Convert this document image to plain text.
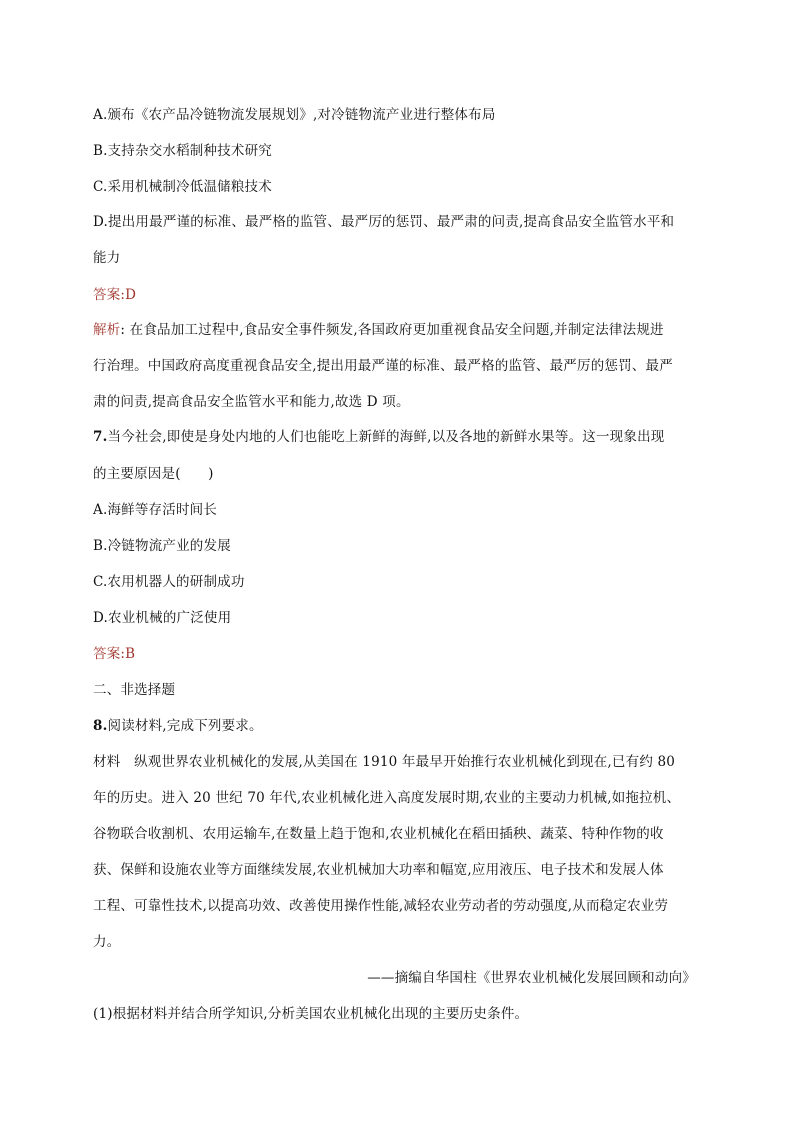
A.颁布《农产品冷链物流发展规划》,对冷链物流产业进行整体布局
B.支持杂交水稻制种技术研究
C.采用机械制冷低温储粮技术
D.提出用最严谨的标准、最严格的监管、最严厉的惩罚、最严肃的问责,提高食品安全监管水平和
能力
答案:D
解析: 在食品加工过程中,食品安全事件频发,各国政府更加重视食品安全问题,并制定法律法规进
行治理。中国政府高度重视食品安全,提出用最严谨的标准、最严格的监管、最严厉的惩罚、最严
肃的问责,提高食品安全监管水平和能力,故选 D 项。
7.当今社会,即使是身处内地的人们也能吃上新鲜的海鲜,以及各地的新鲜水果等。这一现象出现
的主要原因是(　　)
A.海鲜等存活时间长
B.冷链物流产业的发展
C.农用机器人的研制成功
D.农业机械的广泛使用
答案:B
二、非选择题
8.阅读材料,完成下列要求。
材料　纵观世界农业机械化的发展,从美国在 1910 年最早开始推行农业机械化到现在,已有约 80
年的历史。进入 20 世纪 70 年代,农业机械化进入高度发展时期,农业的主要动力机械,如拖拉机、
谷物联合收割机、农用运输车,在数量上趋于饱和,农业机械化在稻田插秧、蔬菜、特种作物的收
获、保鲜和设施农业等方面继续发展,农业机械加大功率和幅宽,应用液压、电子技术和发展人体
工程、可靠性技术,以提高功效、改善使用操作性能,减轻农业劳动者的劳动强度,从而稳定农业劳
力。
——摘编自华国柱《世界农业机械化发展回顾和动向》
(1)根据材料并结合所学知识,分析美国农业机械化出现的主要历史条件。
